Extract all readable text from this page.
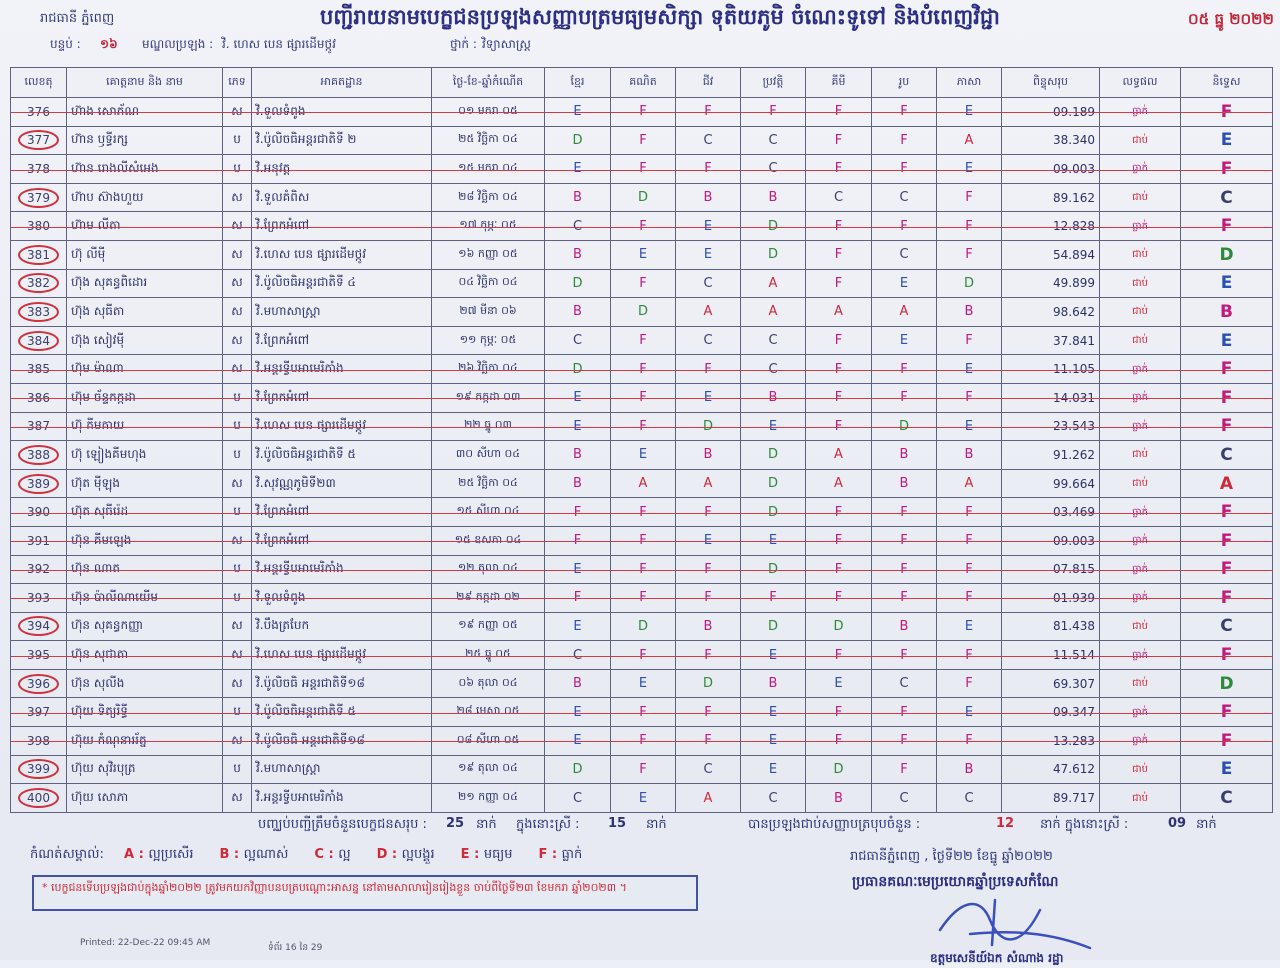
រាជធានី ភ្នំពេញ	បញ្ជីរាយនាមបេក្ខជនប្រឡងសញ្ញាបត្រមធ្យមសិក្សា ទុតិយភូមិ ចំណេះទូទៅ និងបំពេញវិជ្ជា	០៥ ធ្នូ ២០២២
បន្ទប់ : ១៦ មណ្ឌលប្រឡង : វិ. ហេស បេន ផ្សារដើមថ្កូវ	ថ្នាក់ : វិទ្យាសាស្ត្រ
លេខតុ	គោត្តនាម និង នាម	ភេទ	អាគតដ្ឋាន	ថ្ងៃ-ខែ-ឆ្នាំកំណើត	ខ្មែរ	គណិត	ជីវ	ប្រវត្តិ	គីមី	រូប	ភាសា	ពិន្ទុសរុប	លទ្ធផល	និទ្ទេស
376	ហ៊ាង សោភ័ណ	ស	វិ.ទួលទំពូង	០១ មករា ០៥	E	F	F	F	F	F	E	09.189	ធ្លាក់	F
377	ហ៊ាន ឫទ្ធីរក្ស	ប	វិ.ប៉ូលិចធិអន្តរជាតិទី ២	២៥ វិច្ឆិកា ០៤	D	F	C	C	F	F	A	38.340	ជាប់	E
378	ហ៊ាន រោងលីសំអេង	ប	វិ.អនុវត្ត	១៥ មករា ០៤	E	F	F	C	F	F	E	09.003	ធ្លាក់	F
379	ហ៊ាប ស៊ាងហួយ	ស	វិ.ទួលគំពិស	២៨ វិច្ឆិកា ០៤	B	D	B	B	C	C	F	89.162	ជាប់	C
380	ហ៊ាម លីតា	ស	វិ.ព្រែកអំពៅ	១៧ កុម្ភៈ ០៥	C	F	E	D	F	F	F	12.828	ធ្លាក់	F
381	ហ៊ុ លីម៉ី	ស	វិ.ហេស បេន ផ្សារដើមថ្កូវ	១៦ កញ្ញា ០៥	B	E	E	D	F	C	F	54.894	ជាប់	D
382	ហ៊ុង សុគន្ធពិដោរ	ស	វិ.ប៉ូលិចធិអន្តរជាតិទី ៤	០៤ វិច្ឆិកា ០៤	D	F	C	A	F	E	D	49.899	ជាប់	E
383	ហ៊ុង សុធីតា	ស	វិ.មហាសាស្ត្រា	២៧ មីនា ០៦	B	D	A	A	A	A	B	98.642	ជាប់	B
384	ហ៊ុង សៀវម៉ី	ស	វិ.ព្រែកអំពៅ	១១ កុម្ភៈ ០៥	C	F	C	C	F	E	F	37.841	ជាប់	E
385	ហ៊ុម ម៉ាណា	ស	វិ.អន្តរទ្វីបអាមេរិកាំង	២៦ វិច្ឆិកា ០៤	D	F	F	C	F	F	E	11.105	ធ្លាក់	F
386	ហ៊ុម ច័ន្ទកក្កដា	ប	វិ.ព្រែកអំពៅ	១៩ កក្កដា ០៣	E	F	E	B	F	F	F	14.031	ធ្លាក់	F
387	ហ៊ុ គីមគាយ	ប	វិ.ហេស បេន ផ្សារដើមថ្កូវ	២២ ធ្នូ ០៣	E	F	D	E	F	D	E	23.543	ធ្លាក់	F
388	ហ៊ុ ឡៀងគីមហុង	ប	វិ.ប៉ូលិចធិអន្តរជាតិទី ៥	៣០ សីហា ០៤	B	E	B	D	A	B	B	91.262	ជាប់	C
389	ហ៊ុត ម៉ីឡុង	ស	វិ.សុវណ្ណភូមិទី២៣	២៥ វិច្ឆិកា ០៤	B	A	A	D	A	B	A	99.664	ជាប់	A
390	ហ៊ុត សុធីរ៉េដ	ប	វិ.ព្រែកអំពៅ	១៥ សីហា ០៤	F	F	F	D	F	F	F	03.469	ធ្លាក់	F
391	ហ៊ុន គីមឡេង	ស	វិ.ព្រែកអំពៅ	១៥ ឧសភា ០៤	F	F	E	E	F	F	F	09.003	ធ្លាក់	F
392	ហ៊ុន ណាត	ប	វិ.អន្តរទ្វីបអាមេរិកាំង	១២ តុលា ០៤	E	F	F	D	F	F	F	07.815	ធ្លាក់	F
393	ហ៊ុន ប៉ាលីណាយើម	ប	វិ.ទួលទំពូង	២៩ កក្កដា ០២	F	F	F	F	F	F	F	01.939	ធ្លាក់	F
394	ហ៊ុន សុគន្ធកញ្ញា	ស	វិ.បឹងត្របែក	១៩ កញ្ញា ០៥	E	D	B	D	D	B	E	81.438	ជាប់	C
395	ហ៊ុន សុជាតា	ស	វិ.ហេស បេន ផ្សារដើមថ្កូវ	២៥ ធ្នូ ០៥	C	F	F	E	F	F	F	11.514	ធ្លាក់	F
396	ហ៊ុន សុលីង	ស	វិ.ប៉ូលិចធិ អន្តរជាតិទី១៨	០៦ តុលា ០៤	B	E	D	B	E	C	F	69.307	ជាប់	D
397	ហ៊ុយ ទិត្យរិទ្ធី	ប	វិ.ប៉ូលិចធិអន្តរជាតិទី ៥	២៨ មេសា ០៥	E	F	F	E	F	F	E	09.347	ធ្លាក់	F
398	ហ៊ុយ កំណុនាររ័ត្ន	ស	វិ.ប៉ូលិចធិ អន្តរជាតិទី១៨	០៨ សីហា ០៥	E	F	F	E	F	F	F	13.283	ធ្លាក់	F
399	ហ៊ុយ សុវិរបុត្រ	ប	វិ.មហាសាស្ត្រា	១៩ តុលា ០៤	D	F	C	E	D	F	B	47.612	ជាប់	E
400	ហ៊ុយ សោភា	ស	វិ.អន្តរទ្វីបអាមេរិកាំង	២១ កញ្ញា ០៤	C	E	A	C	B	C	C	89.717	ជាប់	C
បញ្ឈប់បញ្ជីត្រឹមចំនួនបេក្ខជនសរុប : 25 នាក់ ក្នុងនោះស្រី : 15 នាក់	បានប្រឡងជាប់សញ្ញាបត្របុបចំនួន :	12 នាក់ ក្នុងនោះស្រី :	09 នាក់
កំណត់សម្គាល់: A : ល្អប្រសើរ B : ល្អណាស់ C : ល្អ D : ល្អបង្គួរ E : មធ្យម F : ធ្លាក់	រាជធានីភ្នំពេញ , ថ្ងៃទី២២ ខែធ្នូ ឆ្នាំ២០២២
* បេក្ខជនទើបប្រឡងជាប់ក្នុងឆ្នាំ២០២២ ត្រូវមកយកវិញ្ញាបនបត្របណ្ដោះអាសន្ន នៅតាមសាលារៀនរៀងខ្លួន ចាប់ពីថ្ងៃទី២៣ ខែមករា ឆ្នាំ២០២៣ ។	ប្រធានគណៈមេប្រយោគឆ្នាំប្រទេសកំណែ
ឧត្តមសេនីយ៍ឯក សំណាង រដ្ឋា
Printed: 22-Dec-22 09:45 AM	ទំព័រ 16 នៃ 29
